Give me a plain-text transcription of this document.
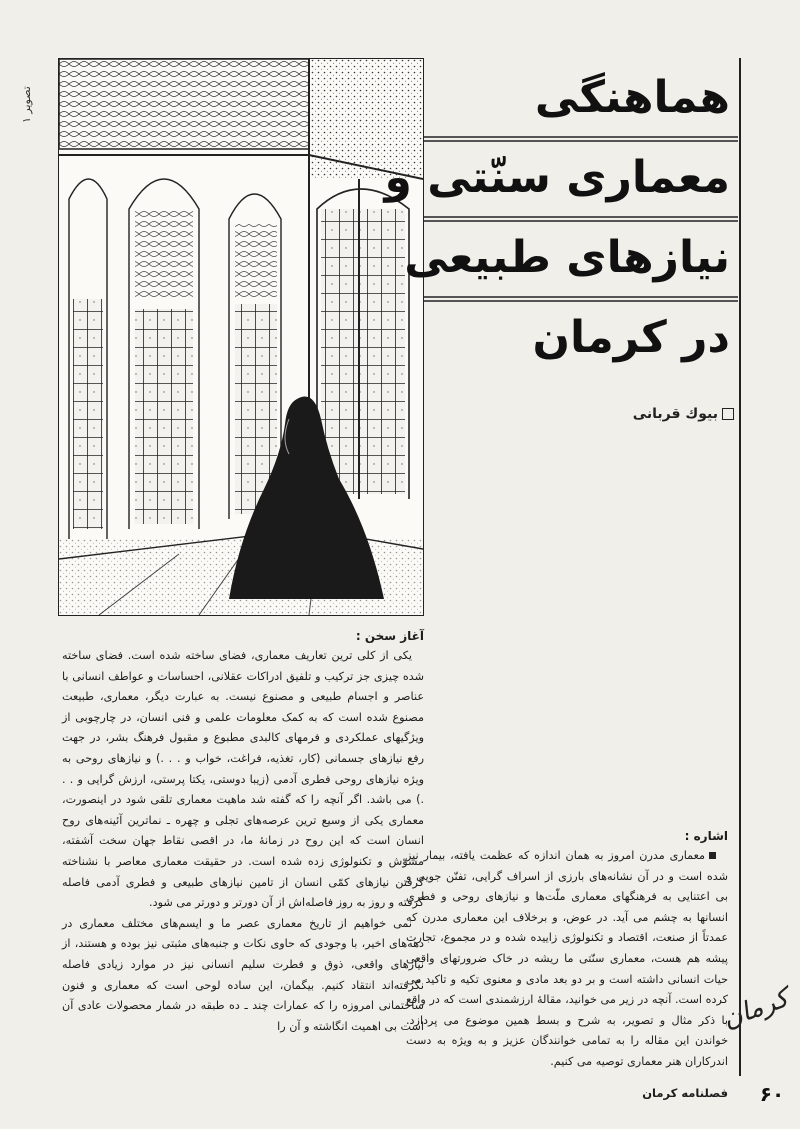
تصویر ۱	هماهنگی
معماری سنّتی و
نیازهای طبیعی
در کرمان
بیوك قربانی
آغاز سخن :

یکی از کلی ترین تعاریف معماری، فضای ساخته شده است. فضای ساخته شده چیزی جز ترکیب و تلفیق ادراکات عقلانی، احساسات و عواطف انسانی با عناصر و اجسام طبیعی و مصنوع نیست. به عبارت دیگر، معماری، طبیعت مصنوع شده است که به کمک معلومات علمی و فنی انسان، در چارچوبی از ویژگیهای عملکردی و فرمهای کالبدی مطبوع و مقبول فرهنگ بشر، در جهت رفع نیازهای جسمانی (کار، تغذیه، فراغت، خواب و . . .) و نیازهای روحی به ویژه نیازهای روحی فطری آدمی (زیبا دوستی، یکتا پرستی، ارزش گرایی و . . .) می باشد. اگر آنچه را که گفته شد ماهیت معماری تلقی شود در اینصورت، معماری یکی از وسیع ترین عرصه‌های تجلی و چهره ـ نماترین آئینه‌های روح انسان است که این روح در زمانهٔ ما، در اقصی نقاط جهان سخت آشفته، مشوّش و تکنولوژی زده شده است. در حقیقت معماری معاصر با نشناخته گرفتن نیازهای کمّی انسان از تامین نیازهای طبیعی و فطری آدمی فاصله گرفته و روز به روز فاصله‌اش از آن دورتر و دورتر می شود.

نمی خواهیم از تاریخ معماری عصر ما و ایسم‌های مختلف معماری در دهه‌های اخیر، با وجودی که حاوی نکات و جنبه‌های مثبتی نیز بوده و هستند، از نیازهای واقعی، ذوق و فطرت سلیم انسانی نیز در موارد زیادی فاصله نگرفته‌اند انتقاد کنیم. بیگمان، این ساده لوحی است که معماری و فنون ساختمانی امروزه را که عمارات چند ـ ده طبقه در شمار محصولات عادی آن است بی اهمیت انگاشته و آن را

اشاره :

معماری مدرن امروز به همان اندازه که عظمت یافته، بیمار نیز شده است و در آن نشانه‌های بارزی از اسراف گرایی، تفنّن جویی و بی اعتنایی به فرهنگهای معماری ملّت‌ها و نیازهای روحی و فطری انسانها به چشم می آید. در عوض، و برخلاف این معماری مدرن که عمدتاً از صنعت، اقتصاد و تکنولوژی زاییده شده و در مجموع، تجارت پیشه هم هست، معماری سنّتی ما ریشه در خاک ضرورتهای واقعی حیات انسانی داشته است و بر دو بعد مادی و معنوی تکیه و تاکید می کرده است. آنچه در زیر می خوانید، مقالهٔ ارزشمندی است که در واقع با ذکر مثال و تصویر، به شرح و بسط همین موضوع می پردازد. خواندن این مقاله را به تمامی خوانندگان عزیز و به ویژه به دست اندرکاران هنر معماری توصیه می کنیم.

فصلنامه کرمان
کرمان
۶۰
